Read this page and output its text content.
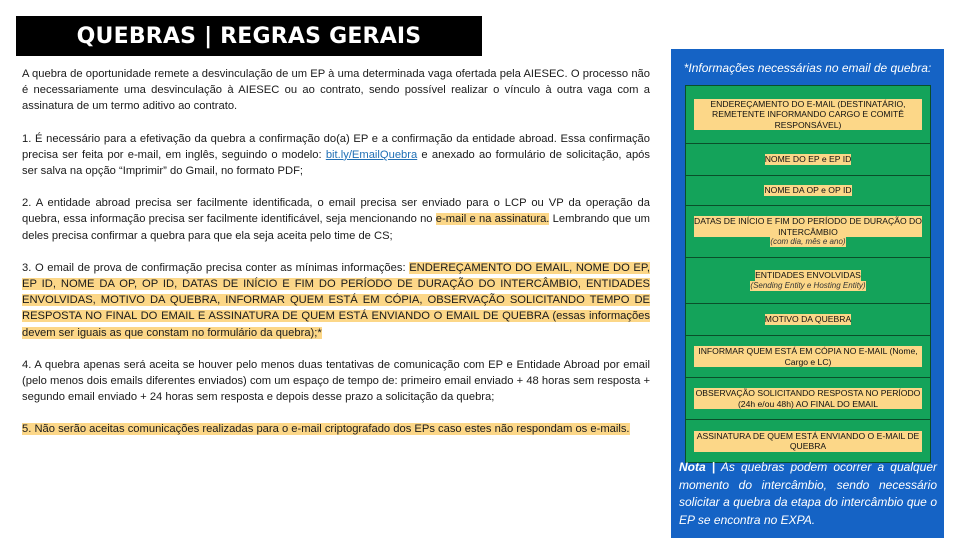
QUEBRAS | REGRAS GERAIS

A quebra de oportunidade remete a desvinculação de um EP à uma determinada vaga ofertada pela AIESEC. O processo não é necessariamente uma desvinculação à AIESEC ou ao contrato, sendo possível realizar o vínculo à outra vaga com a assinatura de um termo aditivo ao contrato.

1. É necessário para a efetivação da quebra a confirmação do(a) EP e a confirmação da entidade abroad. Essa confirmação precisa ser feita por e-mail, em inglês, seguindo o modelo: bit.ly/EmailQuebra e anexado ao formulário de solicitação, após ser salva na opção “Imprimir” do Gmail, no formato PDF;

2. A entidade abroad precisa ser facilmente identificada, o email precisa ser enviado para o LCP ou VP da operação da quebra, essa informação precisa ser facilmente identificável, seja mencionando no e-mail e na assinatura. Lembrando que um deles precisa confirmar a quebra para que ela seja aceita pelo time de CS;

3. O email de prova de confirmação precisa conter as mínimas informações: ENDEREÇAMENTO DO EMAIL, NOME DO EP, EP ID, NOME DA OP, OP ID, DATAS DE INÍCIO E FIM DO PERÍODO DE DURAÇÃO DO INTERCÂMBIO, ENTIDADES ENVOLVIDAS, MOTIVO DA QUEBRA, INFORMAR QUEM ESTÁ EM CÓPIA, OBSERVAÇÃO SOLICITANDO TEMPO DE RESPOSTA NO FINAL DO EMAIL E ASSINATURA DE QUEM ESTÁ ENVIANDO O EMAIL DE QUEBRA (essas informações devem ser iguais as que constam no formulário da quebra);*

4. A quebra apenas será aceita se houver pelo menos duas tentativas de comunicação com EP e Entidade Abroad por email (pelo menos dois emails diferentes enviados) com um espaço de tempo de: primeiro email enviado + 48 horas sem resposta + segundo email enviado + 24 horas sem resposta e depois desse prazo a solicitação da quebra;

5. Não serão aceitas comunicações realizadas para o e-mail criptografado dos EPs caso estes não respondam os e-mails.

*Informações necessárias no email de quebra:
ENDEREÇAMENTO DO E-MAIL (DESTINATÁRIO, REMETENTE INFORMANDO CARGO E COMITÊ RESPONSÁVEL)
NOME DO EP e EP ID
NOME DA OP e OP ID
DATAS DE INÍCIO E FIM DO PERÍODO DE DURAÇÃO DO INTERCÂMBIO
(com dia, mês e ano)
ENTIDADES ENVOLVIDAS
(Sending Entity e Hosting Entity)
MOTIVO DA QUEBRA
INFORMAR QUEM ESTÁ EM CÓPIA NO E-MAIL (Nome, Cargo e LC)
OBSERVAÇÃO SOLICITANDO RESPOSTA NO PERÍODO (24h e/ou 48h) AO FINAL DO EMAIL
ASSINATURA DE QUEM ESTÁ ENVIANDO O E-MAIL DE QUEBRA
Nota | As quebras podem ocorrer a qualquer momento do intercâmbio, sendo necessário solicitar a quebra da etapa do intercâmbio que o EP se encontra no EXPA.
